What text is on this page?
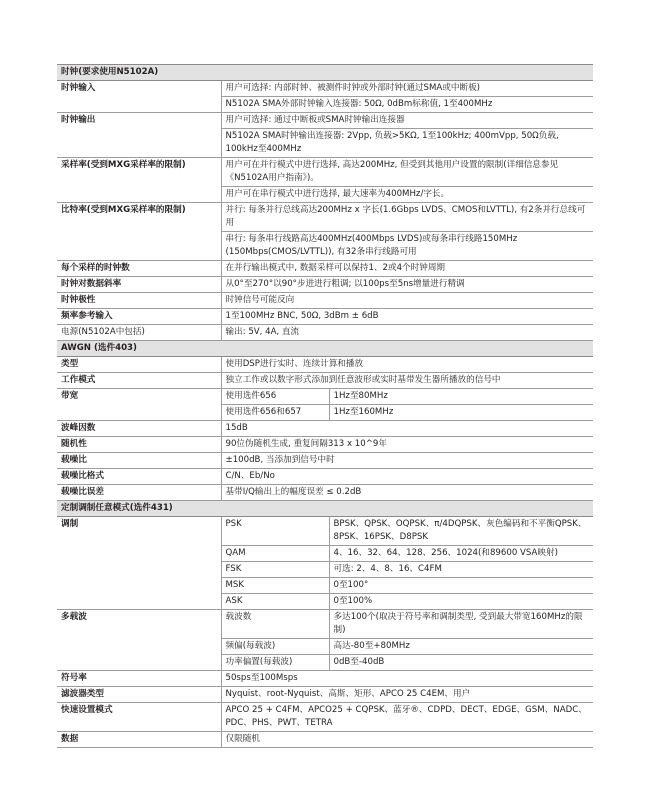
时钟(要求使用N5102A)		
时钟输入	用户可选择: 内部时钟、被测件时钟或外部时钟(通过SMA或中断板)	
	N5102A SMA外部时钟输入连接器: 50Ω, 0dBm标称值, 1至400MHz	
时钟输出	用户可选择: 通过中断板或SMA时钟输出连接器	
	N5102A SMA时钟输出连接器: 2Vpp, 负载>5KΩ, 1至100kHz; 400mVpp, 50Ω负载, 100kHz至400MHz	
采样率(受到MXG采样率的限制)	用户可在并行模式中进行选择, 高达200MHz, 但受到其他用户设置的限制(详细信息参见《N5102A用户指南》)。	
	用户可在串行模式中进行选择, 最大速率为400MHz/字长。	
比特率(受到MXG采样率的限制)	并行: 每条并行总线高达200MHz x 字长(1.6Gbps LVDS、CMOS和LVTTL), 有2条并行总线可用	
	串行: 每条串行线路高达400MHz(400Mbps LVDS)或每条串行线路150MHz (150Mbps(CMOS/LVTTL)), 有32条串行线路可用	
每个采样的时钟数	在并行输出模式中, 数据采样可以保持1、2或4个时钟周期	
时钟对数据斜率	从0°至270°以90°步进进行粗调; 以100ps至5ns增量进行精调	
时钟极性	时钟信号可能反向	
频率参考输入	1至100MHz BNC, 50Ω, 3dBm ± 6dB	
电源(N5102A中包括)	输出: 5V, 4A, 直流	
AWGN (选件403)		
类型	使用DSP进行实时、连续计算和播放	
工作模式	独立工作或以数字形式添加到任意波形或实时基带发生器所播放的信号中	
带宽	使用选件656	1Hz至80MHz
	使用选件656和657	1Hz至160MHz
波峰因数	15dB	
随机性	90位伪随机生成, 重复间隔313 x 10^9年	
载噪比	±100dB, 当添加到信号中时	
载噪比格式	C/N、Eb/No	
载噪比误差	基带I/Q输出上的幅度误差 ≤ 0.2dB	
定制调制任意模式(选件431)		
调制	PSK	BPSK、QPSK、OQPSK、π/4DQPSK、灰色编码和不平衡QPSK、8PSK、16PSK、D8PSK
	QAM	4、16、32、64、128、256、1024(和89600 VSA映射)
	FSK	可选: 2、4、8、16、C4FM
	MSK	0至100°
	ASK	0至100%
多载波	载波数	多达100个(取决于符号率和调制类型, 受到最大带宽160MHz的限制)
	频偏(每载波)	高达-80至+80MHz
	功率偏置(每载波)	0dB至-40dB
符号率	50sps至100Msps	
滤波器类型	Nyquist、root-Nyquist、高斯、矩形、APCO 25 C4EM、用户	
快速设置模式	APCO 25 + C4FM、APCO25 + CQPSK、蓝牙®、CDPD、DECT、EDGE、GSM、NADC、PDC、PHS、PWT、TETRA	
数据	仅限随机	
